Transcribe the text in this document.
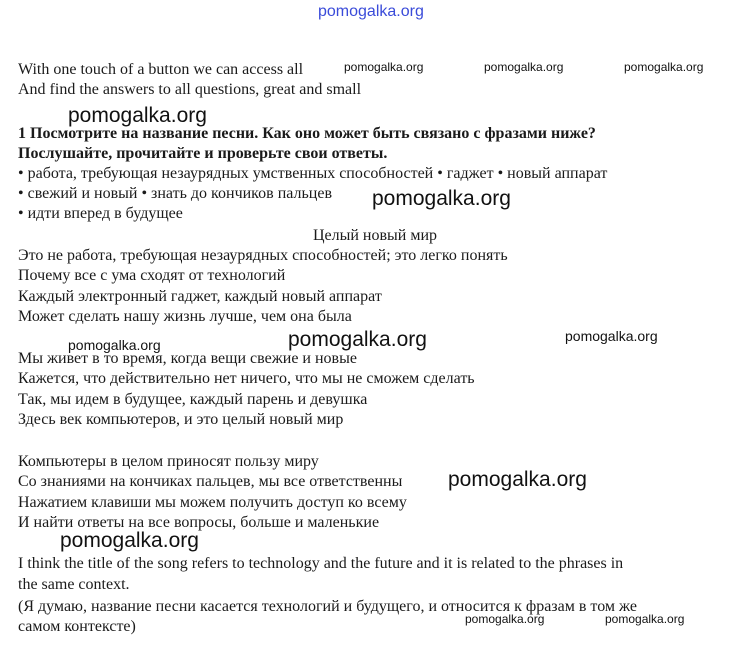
pomogalka.org
pomogalka.org	pomogalka.org	pomogalka.org
pomogalka.org
pomogalka.org
pomogalka.org
pomogalka.org
pomogalka.org
pomogalka.org
pomogalka.org
pomogalka.org	pomogalka.org
With one touch of a button we can access all
And find the answers to all questions, great and small
1 Посмотрите на название песни. Как оно может быть связано с фразами ниже?
Послушайте, прочитайте и проверьте свои ответы.
• работа, требующая незаурядных умственных способностей • гаджет • новый аппарат
• свежий и новый • знать до кончиков пальцев
• идти вперед в будущее
Целый новый мир
Это не работа, требующая незаурядных способностей; это легко понять
Почему все с ума сходят от технологий
Каждый электронный гаджет, каждый новый аппарат
Может сделать нашу жизнь лучше, чем она была
Мы живет в то время, когда вещи свежие и новые
Кажется, что действительно нет ничего, что мы не сможем сделать
Так, мы идем в будущее, каждый парень и девушка
Здесь век компьютеров, и это целый новый мир
Компьютеры в целом приносят пользу миру
Со знаниями на кончиках пальцев, мы все ответственны
Нажатием клавиши мы можем получить доступ ко всему
И найти ответы на все вопросы, больше и маленькие
I think the title of the song refers to technology and the future and it is related to the phrases in
the same context.
(Я думаю, название песни касается технологий и будущего, и относится к фразам в том же
самом контексте)
